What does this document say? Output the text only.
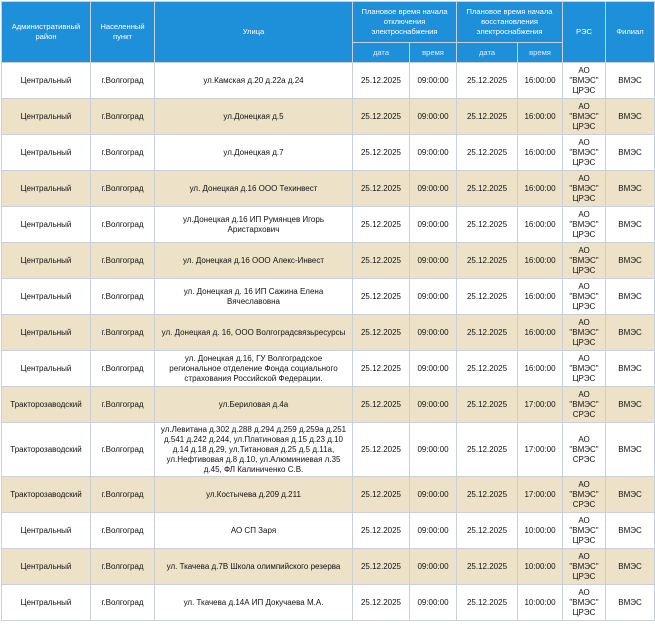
Административный район	Населенный пункт	Улица	Плановое время начала отключения электроснабжения		Плановое время начала восстановления электроснабжения		РЭС	Филиал
			дата	время	дата	время		
Центральный	г.Волгоград	ул.Камская д.20 д.22а д.24	25.12.2025	09:00:00	25.12.2025	16:00:00	АО "ВМЭС" ЦРЭС	ВМЭС
Центральный	г.Волгоград	ул.Донецкая д.5	25.12.2025	09:00:00	25.12.2025	16:00:00	АО "ВМЭС" ЦРЭС	ВМЭС
Центральный	г.Волгоград	ул.Донецкая д.7	25.12.2025	09:00:00	25.12.2025	16:00:00	АО "ВМЭС" ЦРЭС	ВМЭС
Центральный	г.Волгоград	ул. Донецкая д.16 ООО Техинвест	25.12.2025	09:00:00	25.12.2025	16:00:00	АО "ВМЭС" ЦРЭС	ВМЭС
Центральный	г.Волгоград	ул.Донецкая д.16 ИП Румянцев Игорь Аристархович	25.12.2025	09:00:00	25.12.2025	16:00:00	АО "ВМЭС" ЦРЭС	ВМЭС
Центральный	г.Волгоград	ул. Донецкая д.16 ООО Алекс-Инвест	25.12.2025	09:00:00	25.12.2025	16:00:00	АО "ВМЭС" ЦРЭС	ВМЭС
Центральный	г.Волгоград	ул. Донецкая д. 16 ИП Сажина Елена Вячеславовна	25.12.2025	09:00:00	25.12.2025	16:00:00	АО "ВМЭС" ЦРЭС	ВМЭС
Центральный	г.Волгоград	ул. Донецкая д. 16, ООО Волгоградсвязьресурсы	25.12.2025	09:00:00	25.12.2025	16:00:00	АО "ВМЭС" ЦРЭС	ВМЭС
Центральный	г.Волгоград	ул. Донецкая д.16, ГУ Волгоградское региональное отделение Фонда социального страхования Российской Федерации.	25.12.2025	09:00:00	25.12.2025	16:00:00	АО "ВМЭС" ЦРЭС	ВМЭС
Тракторозаводский	г.Волгоград	ул.Бериловая д.4а	25.12.2025	09:00:00	25.12.2025	17:00:00	АО "ВМЭС" СРЭС	ВМЭС
Тракторозаводский	г.Волгоград	ул.Левитана д.302 д.288 д.294 д.259 д.259а д.251 д.541 д.242 д.244, ул.Платиновая д.15 д.23 д.10 д.14 д.18 д.29, ул.Титановая д.25 д.5 д.11а, ул.Нефтивовая д.8 д.10, ул.Алюминиевая л.35 д.45, ФЛ Калиниченко С.В.	25.12.2025	09:00:00	25.12.2025	17:00:00	АО "ВМЭС" СРЭС	ВМЭС
Тракторозаводский	г.Волгоград	ул.Костычева д.209 д.211	25.12.2025	09:00:00	25.12.2025	17:00:00	АО "ВМЭС" СРЭС	ВМЭС
Центральный	г.Волгоград	АО СП Заря	25.12.2025	09:00:00	25.12.2025	10:00:00	АО "ВМЭС" ЦРЭС	ВМЭС
Центральный	г.Волгоград	ул. Ткачева д.7В Школа олимпийского резерва	25.12.2025	09:00:00	25.12.2025	10:00:00	АО "ВМЭС" ЦРЭС	ВМЭС
Центральный	г.Волгоград	ул. Ткачева д.14А ИП Докучаева М.А.	25.12.2025	09:00:00	25.12.2025	10:00:00	АО "ВМЭС" ЦРЭС	ВМЭС
